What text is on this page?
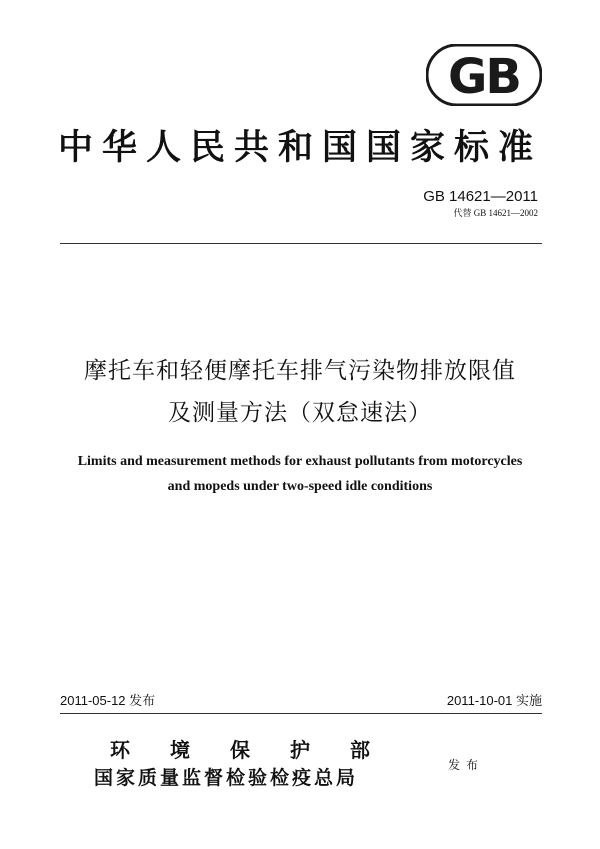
GB
中华人民共和国国家标准
GB 14621—2011
代替 GB 14621—2002
摩托车和轻便摩托车排气污染物排放限值
及测量方法（双怠速法）
Limits and measurement methods for exhaust pollutants from motorcycles
and mopeds under two-speed idle conditions
2011-05-12 发布	2011-10-01 实施
环境保护部
国家质量监督检验检疫总局
发布
